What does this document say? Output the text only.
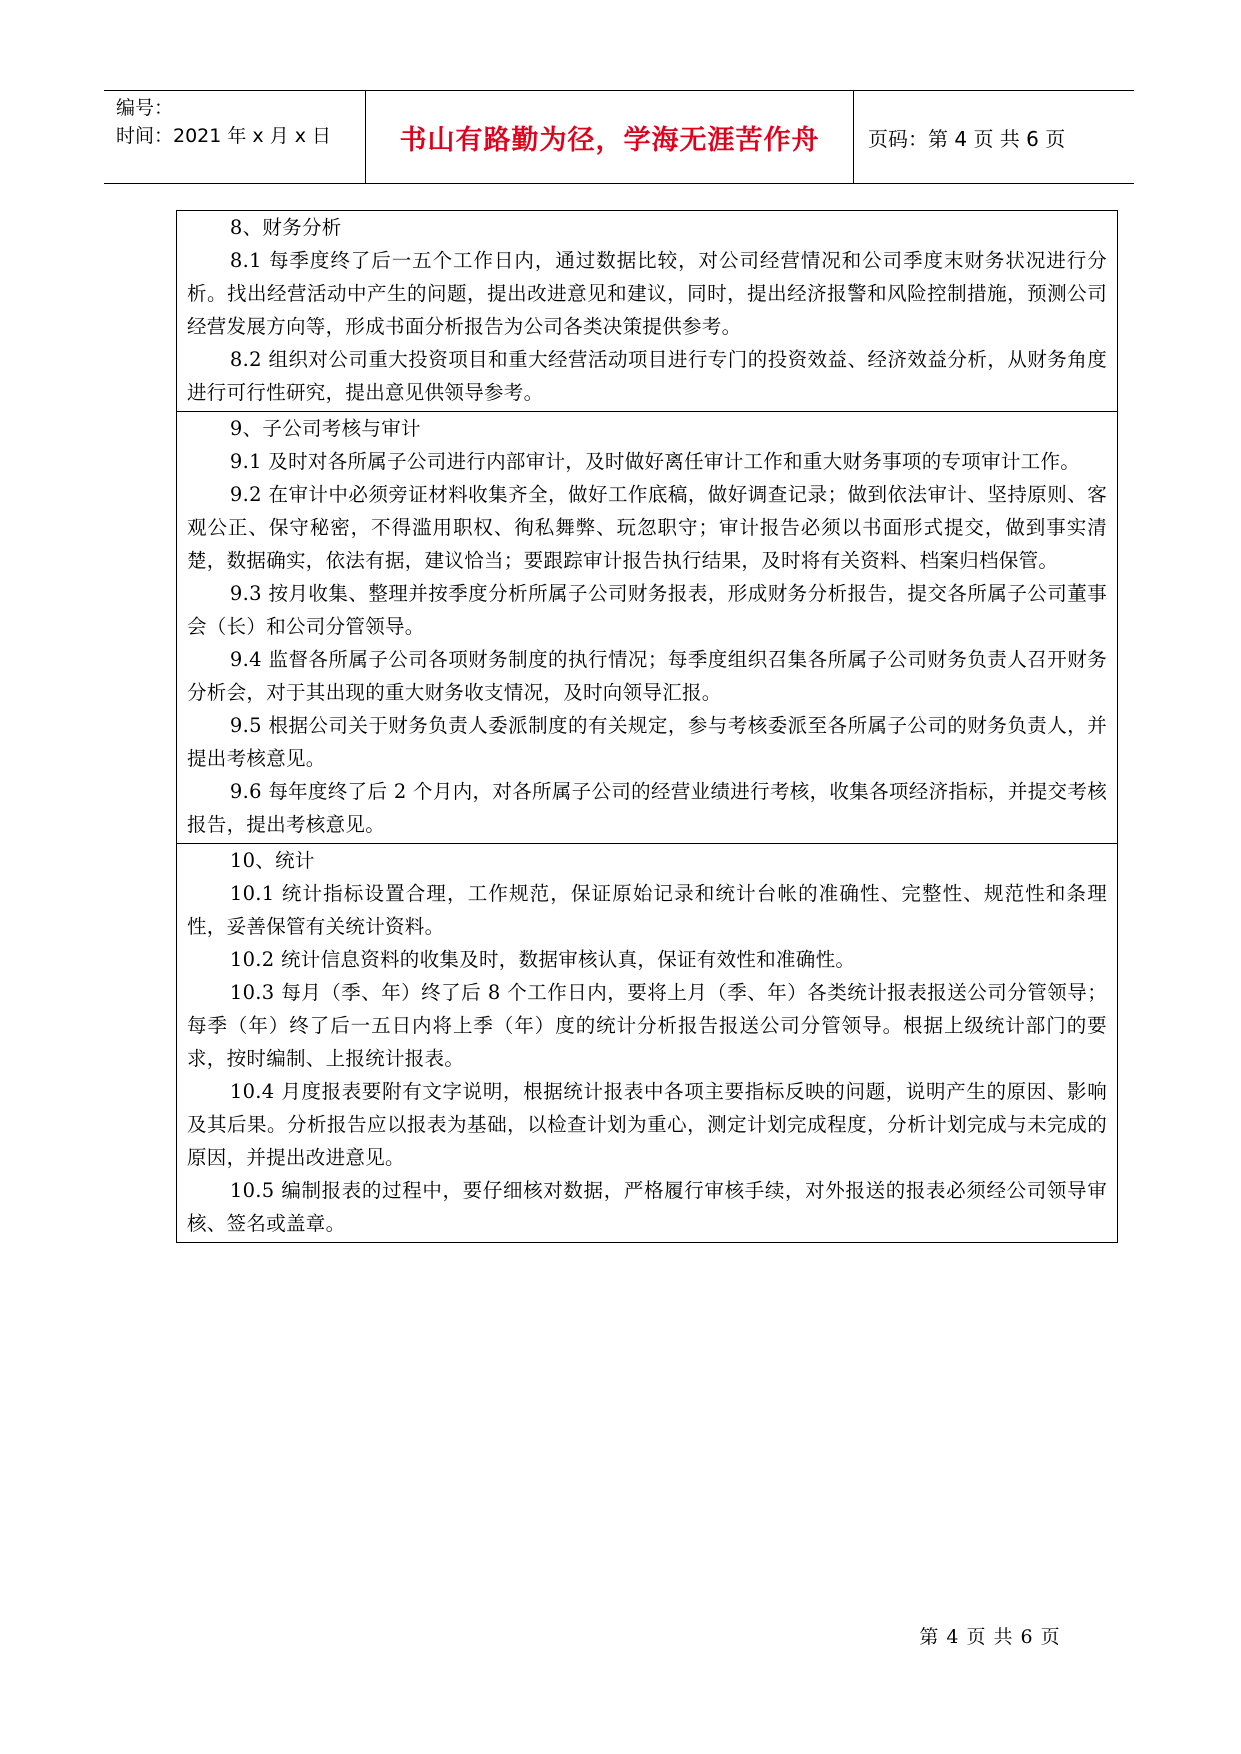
编号：
时间：2021 年 x 月 x 日	书山有路勤为径，学海无涯苦作舟	页码：第 4 页 共 6 页

8、财务分析

8.1 每季度终了后一五个工作日内，通过数据比较，对公司经营情况和公司季度末财务状况进行分析。找出经营活动中产生的问题，提出改进意见和建议，同时，提出经济报警和风险控制措施，预测公司经营发展方向等，形成书面分析报告为公司各类决策提供参考。

8.2 组织对公司重大投资项目和重大经营活动项目进行专门的投资效益、经济效益分析，从财务角度进行可行性研究，提出意见供领导参考。

9、子公司考核与审计

9.1 及时对各所属子公司进行内部审计，及时做好离任审计工作和重大财务事项的专项审计工作。

9.2 在审计中必须旁证材料收集齐全，做好工作底稿，做好调查记录；做到依法审计、坚持原则、客观公正、保守秘密，不得滥用职权、徇私舞弊、玩忽职守；审计报告必须以书面形式提交，做到事实清楚，数据确实，依法有据，建议恰当；要跟踪审计报告执行结果，及时将有关资料、档案归档保管。

9.3 按月收集、整理并按季度分析所属子公司财务报表，形成财务分析报告，提交各所属子公司董事会（长）和公司分管领导。

9.4 监督各所属子公司各项财务制度的执行情况；每季度组织召集各所属子公司财务负责人召开财务分析会，对于其出现的重大财务收支情况，及时向领导汇报。

9.5 根据公司关于财务负责人委派制度的有关规定，参与考核委派至各所属子公司的财务负责人，并提出考核意见。

9.6 每年度终了后 2 个月内，对各所属子公司的经营业绩进行考核，收集各项经济指标，并提交考核报告，提出考核意见。

10、统计

10.1 统计指标设置合理，工作规范，保证原始记录和统计台帐的准确性、完整性、规范性和条理性，妥善保管有关统计资料。

10.2 统计信息资料的收集及时，数据审核认真，保证有效性和准确性。

10.3 每月（季、年）终了后 8 个工作日内，要将上月（季、年）各类统计报表报送公司分管领导；每季（年）终了后一五日内将上季（年）度的统计分析报告报送公司分管领导。根据上级统计部门的要求，按时编制、上报统计报表。

10.4 月度报表要附有文字说明，根据统计报表中各项主要指标反映的问题，说明产生的原因、影响及其后果。分析报告应以报表为基础，以检查计划为重心，测定计划完成程度，分析计划完成与未完成的原因，并提出改进意见。

10.5 编制报表的过程中，要仔细核对数据，严格履行审核手续，对外报送的报表必须经公司领导审核、签名或盖章。

第 4 页 共 6 页
